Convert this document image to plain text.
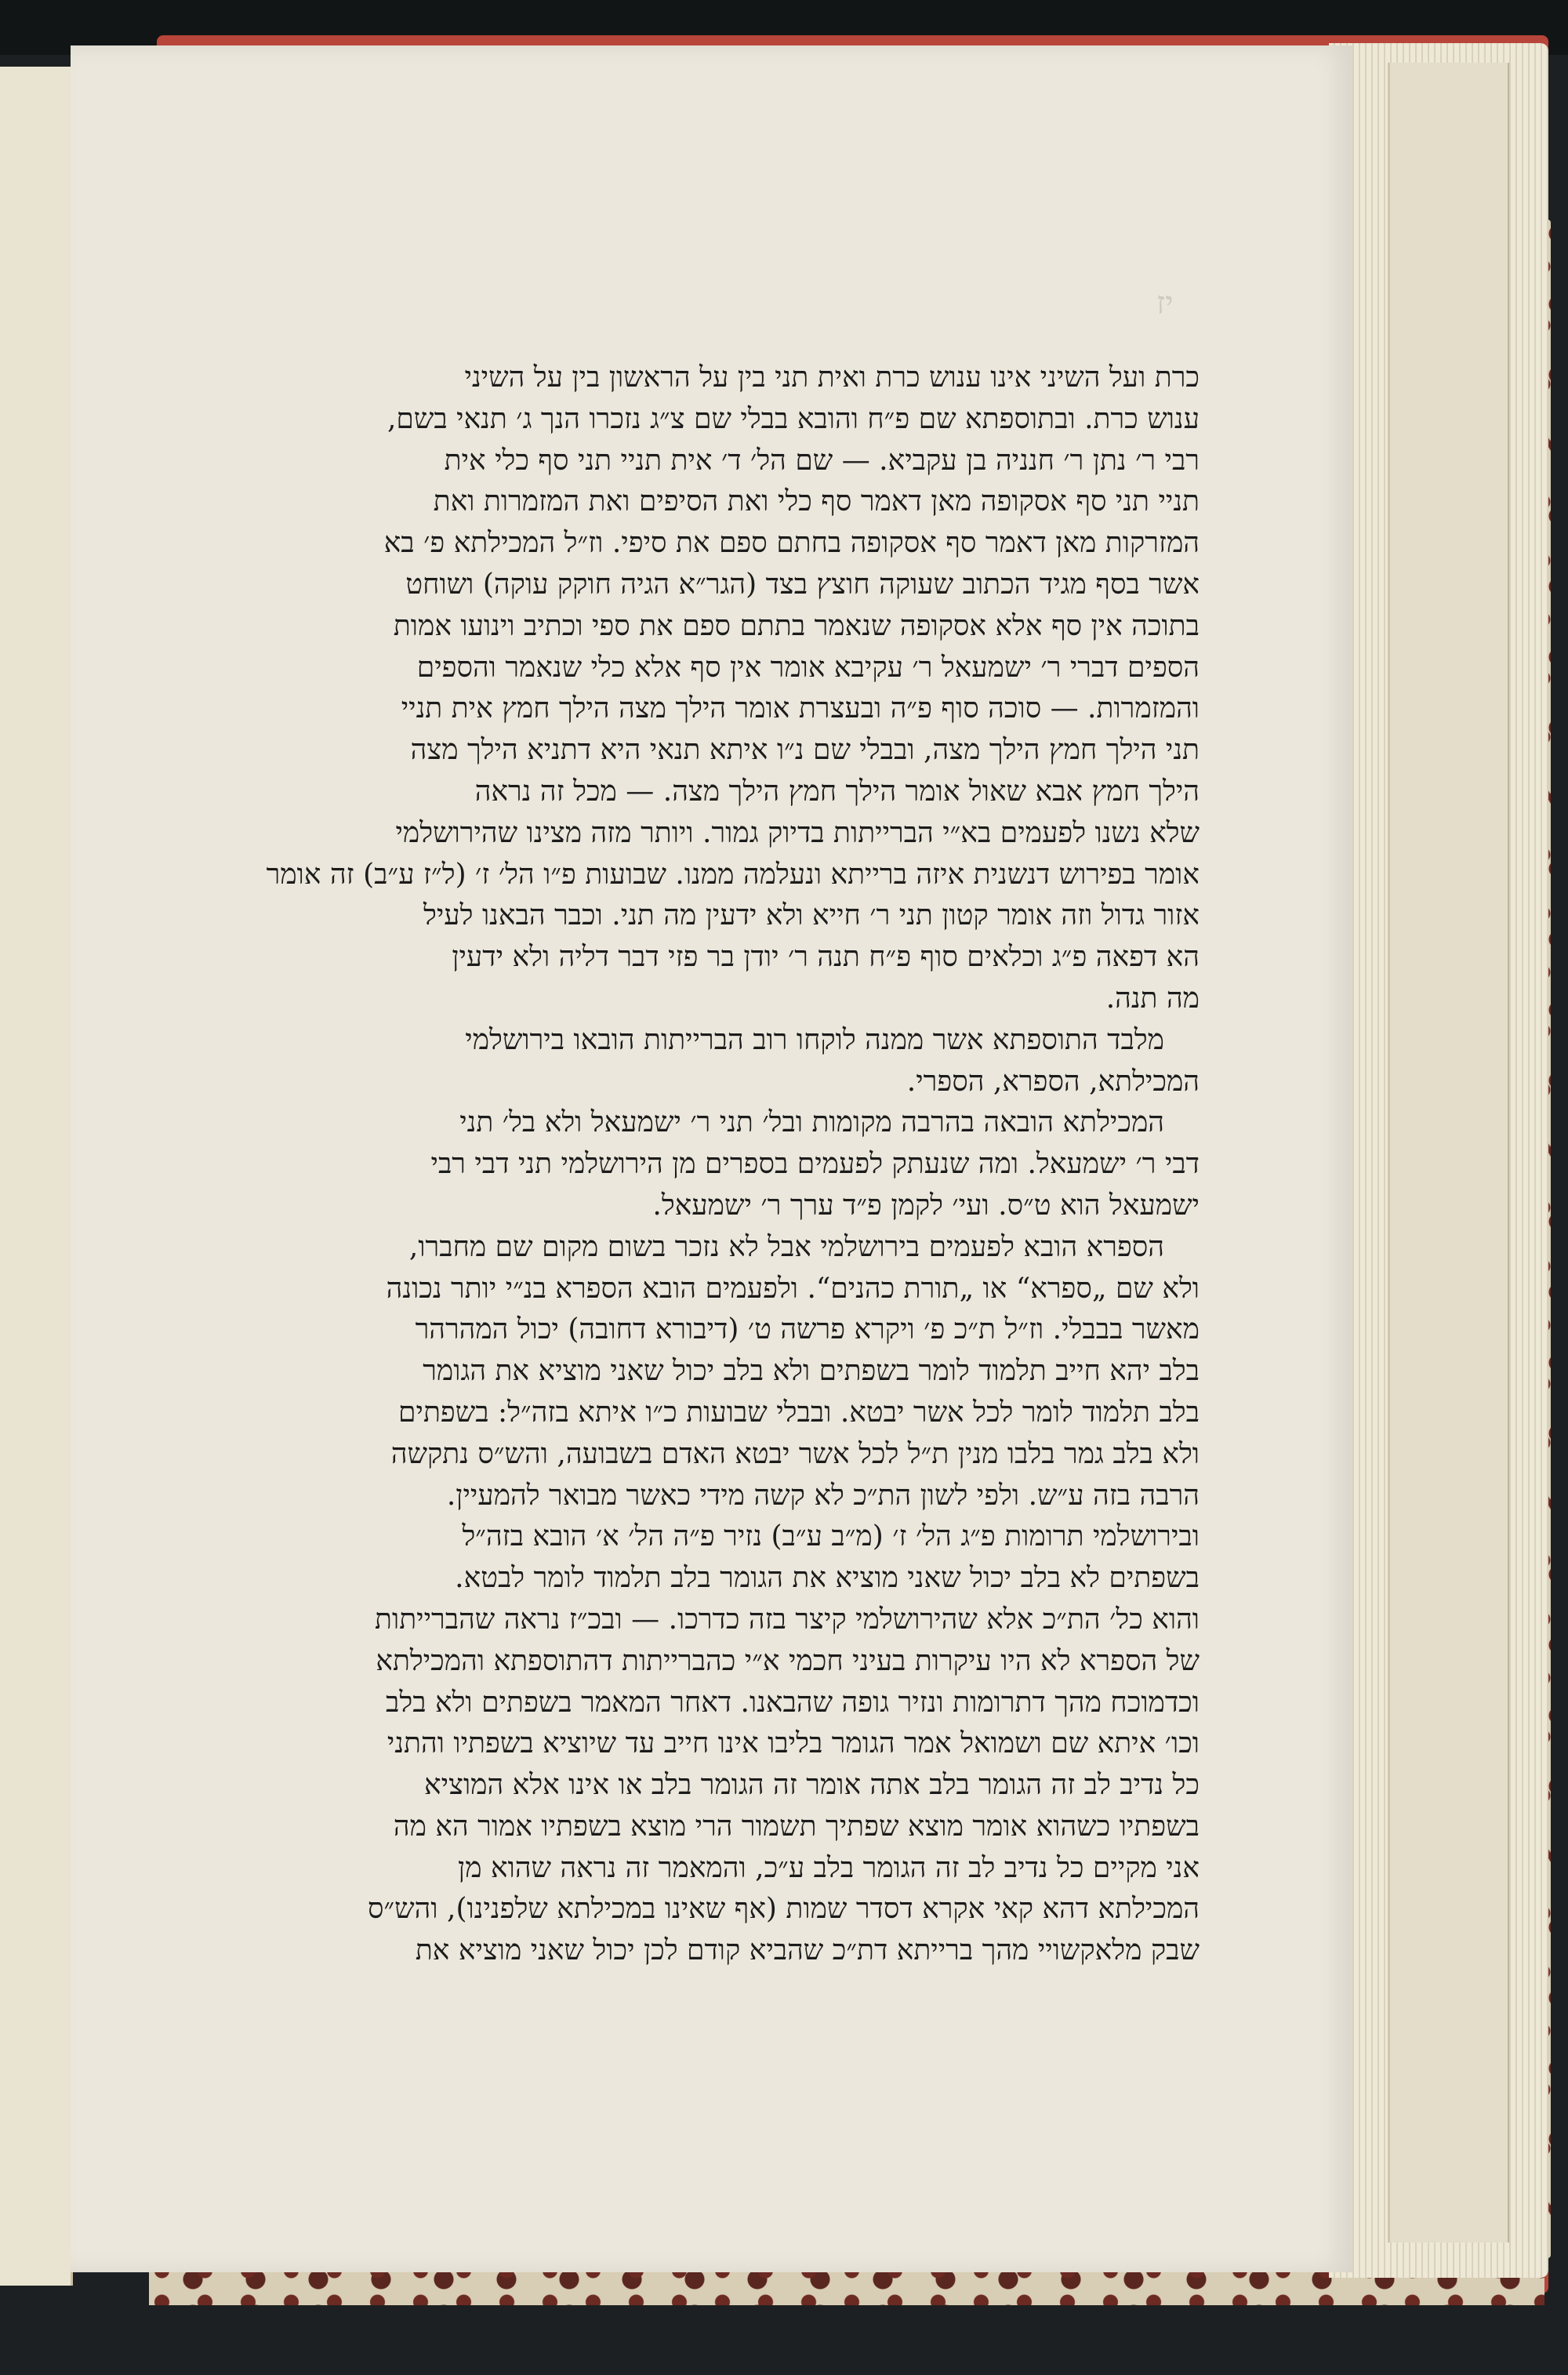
יז
כרת ועל השיני אינו ענוש כרת ואית תני בין על הראשון בין על השיני
ענוש כרת. ובתוספתא שם פ״ח והובא בבלי שם צ״ג נזכרו הנך ג׳ תנאי בשם,
רבי ר׳ נתן ר׳ חנניה בן עקביא. — שם הל׳ ד׳ אית תניי תני סף כלי אית
תניי תני סף אסקופה מאן דאמר סף כלי ואת הסיפים ואת המזמרות ואת
המזרקות מאן דאמר סף אסקופה בחתם ספם את סיפי. וז״ל המכילתא פ׳ בא
אשר בסף מגיד הכתוב שעוקה חוצץ בצד (הגר״א הגיה חוקק עוקה) ושוחט
בתוכה אין סף אלא אסקופה שנאמר בתתם ספם את ספי וכתיב וינועו אמות
הספים דברי ר׳ ישמעאל ר׳ עקיבא אומר אין סף אלא כלי שנאמר והספים
והמזמרות. — סוכה סוף פ״ה ובעצרת אומר הילך מצה הילך חמץ אית תניי
תני הילך חמץ הילך מצה, ובבלי שם נ״ו איתא תנאי היא דתניא הילך מצה
הילך חמץ אבא שאול אומר הילך חמץ הילך מצה. — מכל זה נראה
שלא נשנו לפעמים בא״י הברייתות בדיוק גמור. ויותר מזה מצינו שהירושלמי
אומר בפירוש דנשנית איזה ברייתא ונעלמה ממנו. שבועות פ״ו הל׳ ז׳ (ל״ז ע״ב) זה אומר
אזור גדול וזה אומר קטון תני ר׳ חייא ולא ידעין מה תני. וכבר הבאנו לעיל
הא דפאה פ״ג וכלאים סוף פ״ח תנה ר׳ יודן בר פזי דבר דליה ולא ידעין
מה תנה.
מלבד התוספתא אשר ממנה לוקחו רוב הברייתות הובאו בירושלמי
המכילתא, הספרא, הספרי.
המכילתא הובאה בהרבה מקומות ובל׳ תני ר׳ ישמעאל ולא בל׳ תני
דבי ר׳ ישמעאל. ומה שנעתק לפעמים בספרים מן הירושלמי תני דבי רבי
ישמעאל הוא ט״ס. ועי׳ לקמן פ״ד ערך ר׳ ישמעאל.
הספרא הובא לפעמים בירושלמי אבל לא נזכר בשום מקום שם מחברו,
ולא שם „ספרא“ או „תורת כהנים“. ולפעמים הובא הספרא בנ״י יותר נכונה
מאשר בבבלי. וז״ל ת״כ פ׳ ויקרא פרשה ט׳ (דיבורא דחובה) יכול המהרהר
בלב יהא חייב תלמוד לומר בשפתים ולא בלב יכול שאני מוציא את הגומר
בלב תלמוד לומר לכל אשר יבטא. ובבלי שבועות כ״ו איתא בזה״ל: בשפתים
ולא בלב גמר בלבו מנין ת״ל לכל אשר יבטא האדם בשבועה, והש״ס נתקשה
הרבה בזה ע״ש. ולפי לשון הת״כ לא קשה מידי כאשר מבואר להמעיין.
ובירושלמי תרומות פ״ג הל׳ ז׳ (מ״ב ע״ב) נזיר פ״ה הל׳ א׳ הובא בזה״ל
בשפתים לא בלב יכול שאני מוציא את הגומר בלב תלמוד לומר לבטא.
והוא כל׳ הת״כ אלא שהירושלמי קיצר בזה כדרכו. — ובכ״ז נראה שהברייתות
של הספרא לא היו עיקרות בעיני חכמי א״י כהברייתות דהתוספתא והמכילתא
וכדמוכח מהך דתרומות ונזיר גופה שהבאנו. דאחר המאמר בשפתים ולא בלב
וכו׳ איתא שם ושמואל אמר הגומר בליבו אינו חייב עד שיוציא בשפתיו והתני
כל נדיב לב זה הגומר בלב אתה אומר זה הגומר בלב או אינו אלא המוציא
בשפתיו כשהוא אומר מוצא שפתיך תשמור הרי מוצא בשפתיו אמור הא מה
אני מקיים כל נדיב לב זה הגומר בלב ע״כ, והמאמר זה נראה שהוא מן
המכילתא דהא קאי אקרא דסדר שמות (אף שאינו במכילתא שלפנינו), והש״ס
שבק מלאקשויי מהך ברייתא דת״כ שהביא קודם לכן יכול שאני מוציא את
